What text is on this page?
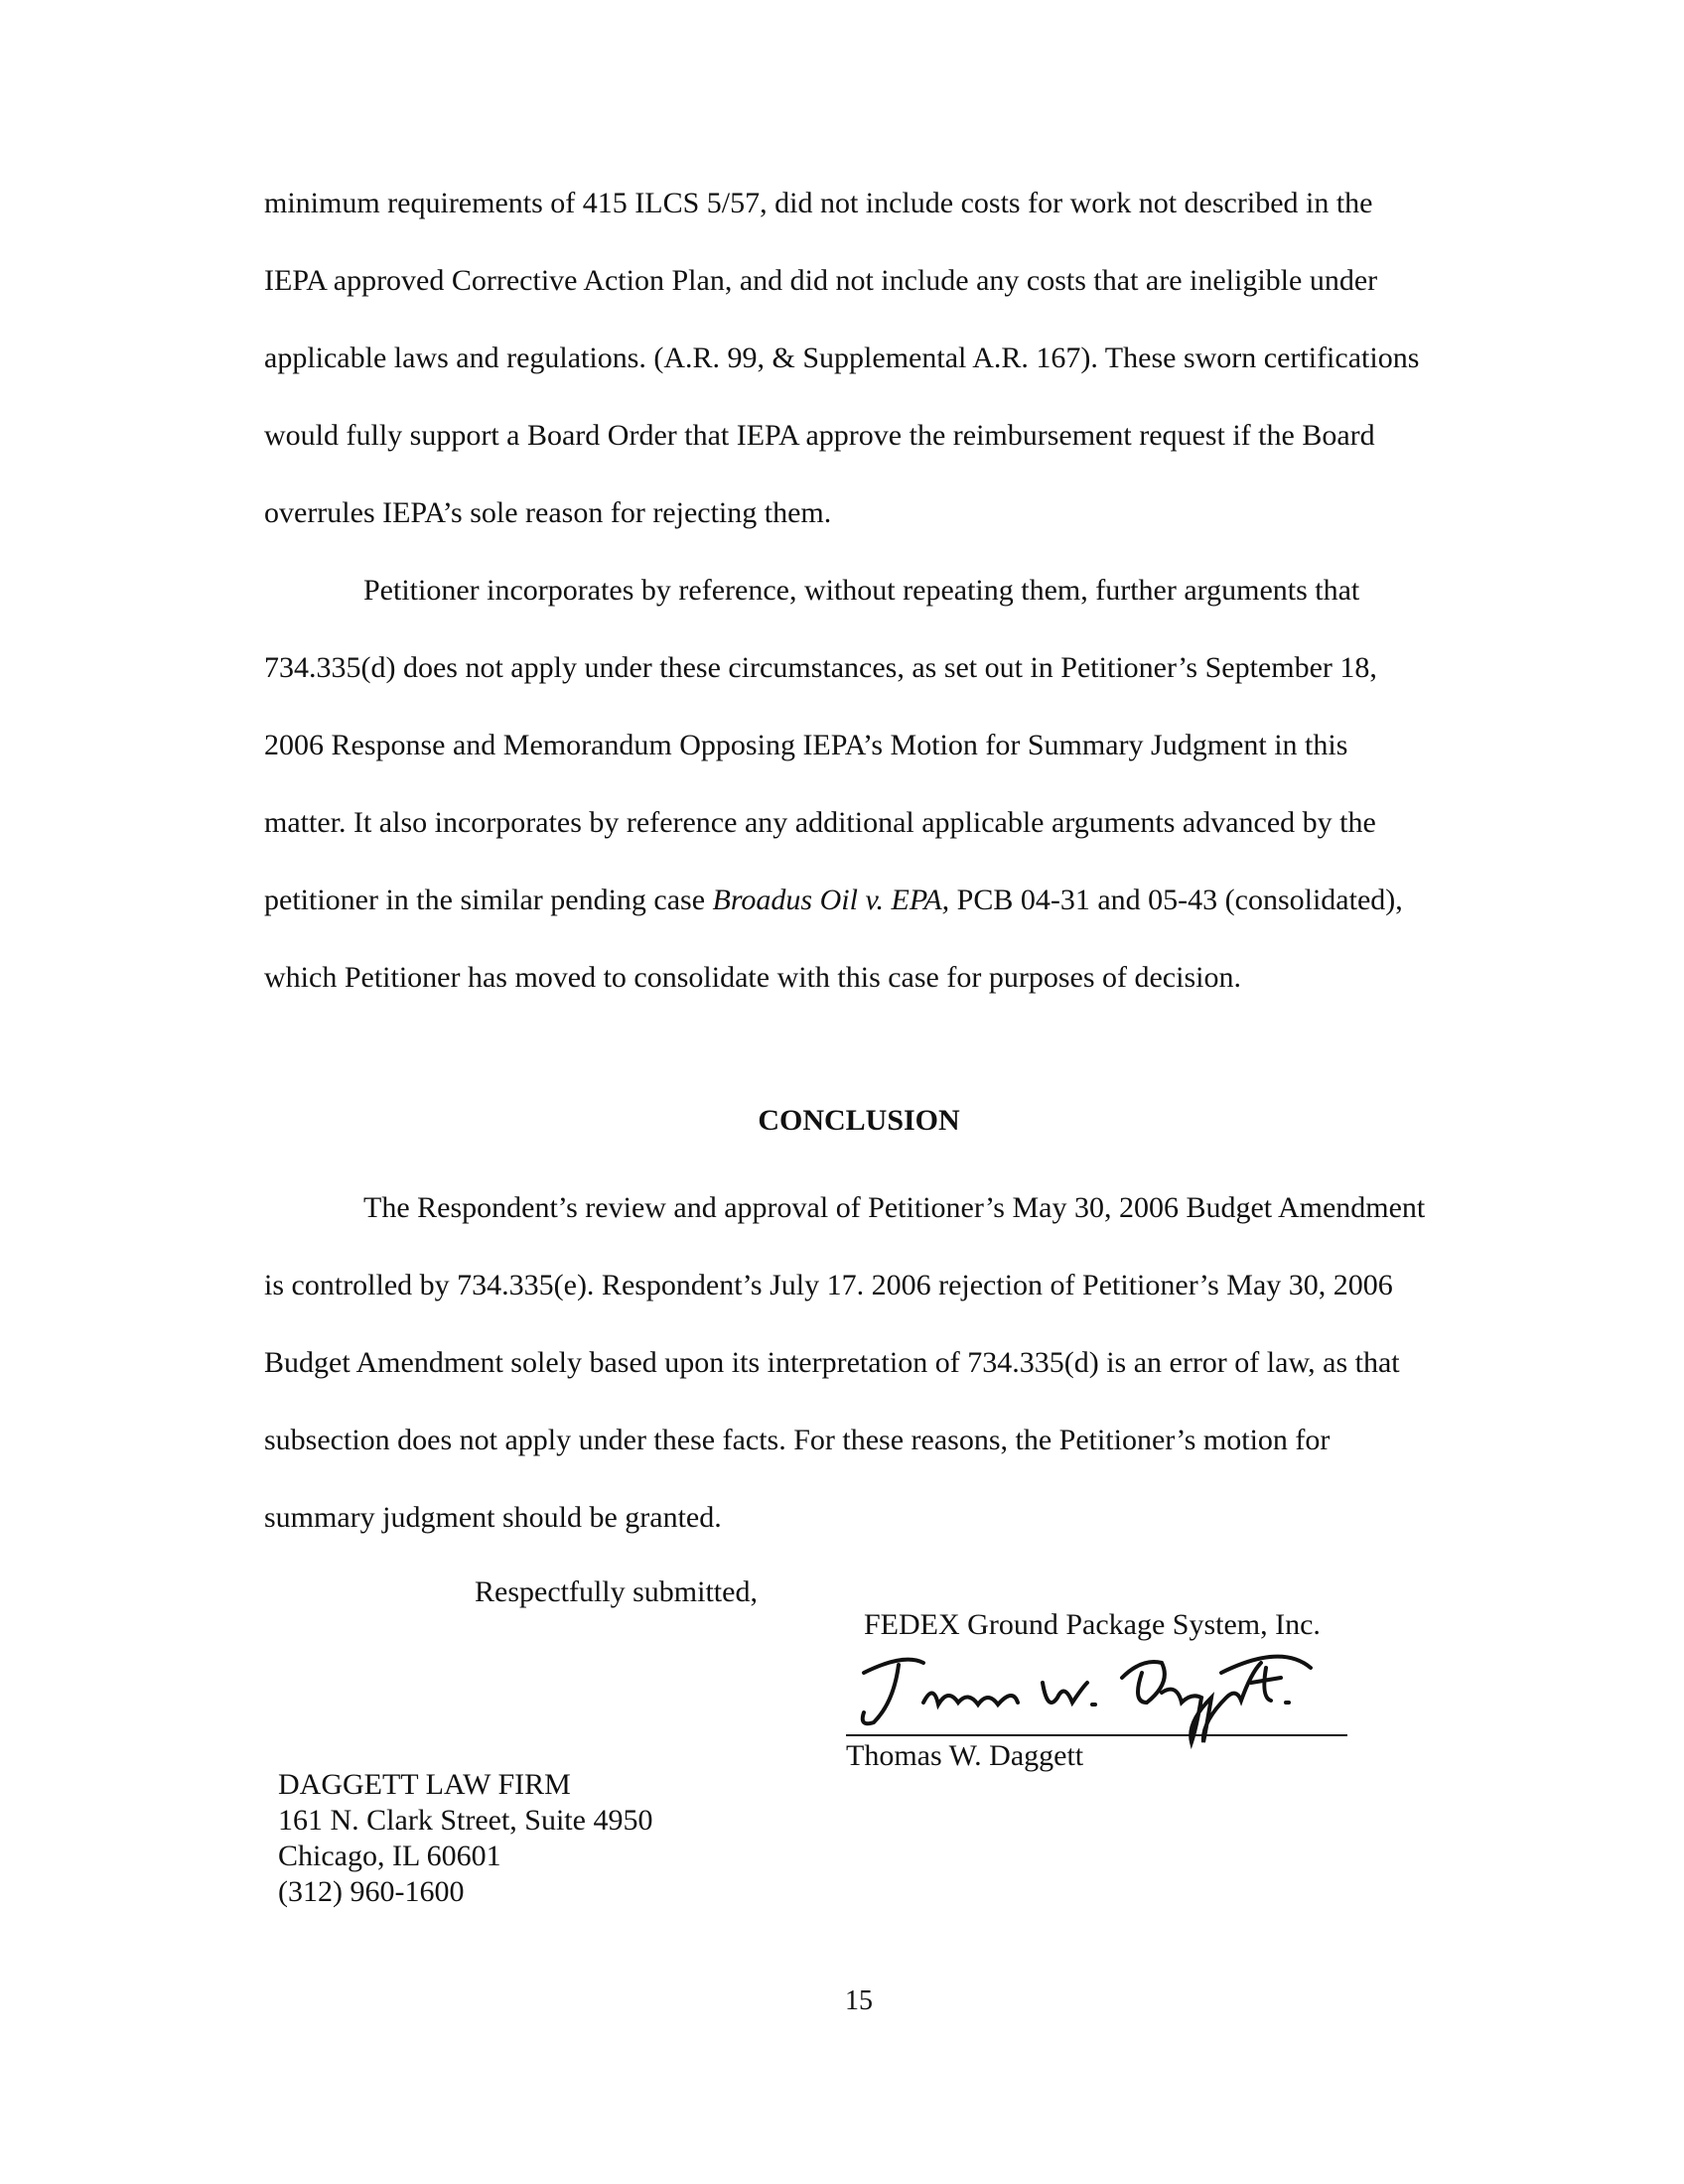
minimum requirements of 415 ILCS 5/57, did not include costs for work not described in the IEPA approved Corrective Action Plan, and did not include any costs that are ineligible under applicable laws and regulations. (A.R. 99, & Supplemental A.R. 167). These sworn certifications would fully support a Board Order that IEPA approve the reimbursement request if the Board overrules IEPA’s sole reason for rejecting them.
Petitioner incorporates by reference, without repeating them, further arguments that 734.335(d) does not apply under these circumstances, as set out in Petitioner’s September 18, 2006 Response and Memorandum Opposing IEPA’s Motion for Summary Judgment in this matter. It also incorporates by reference any additional applicable arguments advanced by the petitioner in the similar pending case Broadus Oil v. EPA, PCB 04-31 and 05-43 (consolidated), which Petitioner has moved to consolidate with this case for purposes of decision.
CONCLUSION
The Respondent’s review and approval of Petitioner’s May 30, 2006 Budget Amendment is controlled by 734.335(e). Respondent’s July 17. 2006 rejection of Petitioner’s May 30, 2006 Budget Amendment solely based upon its interpretation of 734.335(d) is an error of law, as that subsection does not apply under these facts. For these reasons, the Petitioner’s motion for summary judgment should be granted.
Respectfully submitted,
FEDEX Ground Package System, Inc.
Thomas W. Daggett
DAGGETT LAW FIRM
161 N. Clark Street, Suite 4950
Chicago, IL 60601
(312) 960-1600
15
